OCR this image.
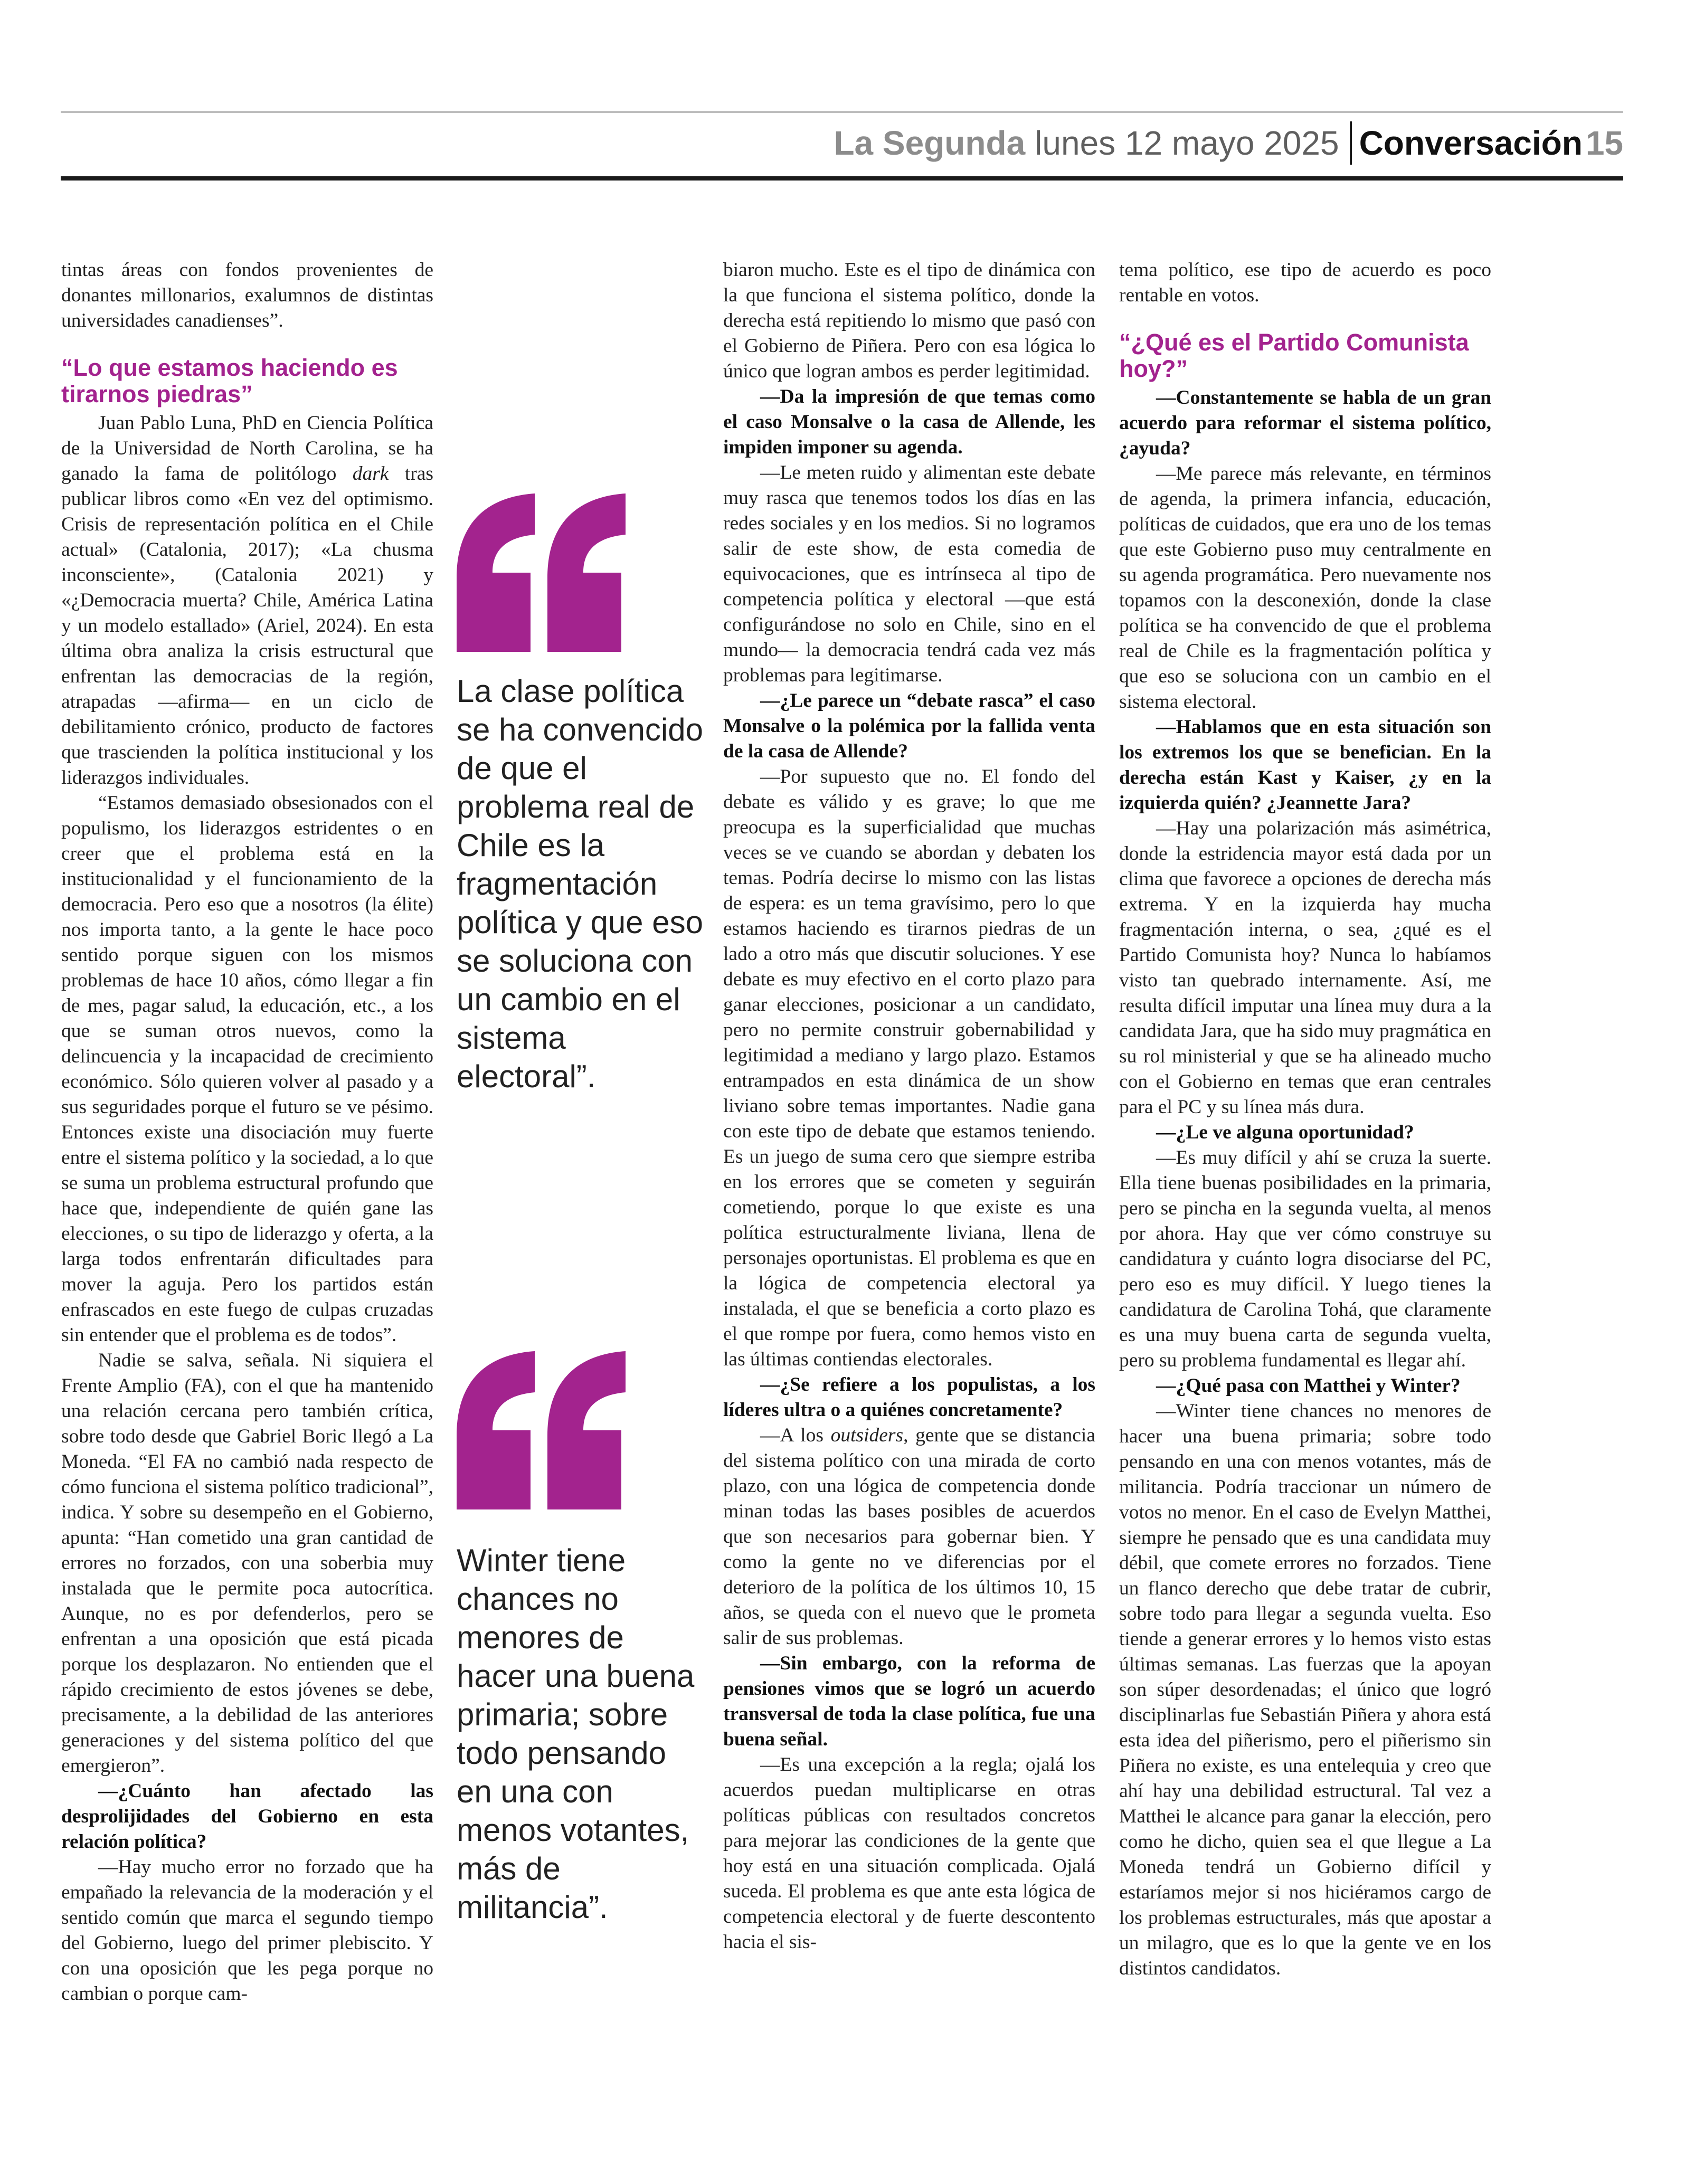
La Segunda lunes 12 mayo 2025 Conversación 15

tintas áreas con fondos provenientes de donantes millonarios, exalumnos de distintas universidades canadienses”.

“Lo que estamos haciendo es tirarnos piedras”

Juan Pablo Luna, PhD en Ciencia Política de la Universidad de North Carolina, se ha ganado la fama de politólogo dark tras publicar libros como «En vez del optimismo. Crisis de representación política en el Chile actual» (Catalonia, 2017); «La chusma inconsciente», (Catalonia 2021) y «¿Democracia muerta? Chile, América Latina y un modelo estallado» (Ariel, 2024). En esta última obra analiza la crisis estructural que enfrentan las democracias de la región, atrapadas —afirma— en un ciclo de debilitamiento crónico, producto de factores que trascienden la política institucional y los liderazgos individuales.

“Estamos demasiado obsesionados con el populismo, los liderazgos estridentes o en creer que el problema está en la institucionalidad y el funcionamiento de la democracia. Pero eso que a nosotros (la élite) nos importa tanto, a la gente le hace poco sentido porque siguen con los mismos problemas de hace 10 años, cómo llegar a fin de mes, pagar salud, la educación, etc., a los que se suman otros nuevos, como la delincuencia y la incapacidad de crecimiento económico. Sólo quieren volver al pasado y a sus seguridades porque el futuro se ve pésimo. Entonces existe una disociación muy fuerte entre el sistema político y la sociedad, a lo que se suma un problema estructural profundo que hace que, independiente de quién gane las elecciones, o su tipo de liderazgo y oferta, a la larga todos enfrentarán dificultades para mover la aguja. Pero los partidos están enfrascados en este fuego de culpas cruzadas sin entender que el problema es de todos”.

Nadie se salva, señala. Ni siquiera el Frente Amplio (FA), con el que ha mantenido una relación cercana pero también crítica, sobre todo desde que Gabriel Boric llegó a La Moneda. “El FA no cambió nada respecto de cómo funciona el sistema político tradicional”, indica. Y sobre su desempeño en el Gobierno, apunta: “Han cometido una gran cantidad de errores no forzados, con una soberbia muy instalada que le permite poca autocrítica. Aunque, no es por defenderlos, pero se enfrentan a una oposición que está picada porque los desplazaron. No entienden que el rápido crecimiento de estos jóvenes se debe, precisamente, a la debilidad de las anteriores generaciones y del sistema político del que emergieron”.

—¿Cuánto han afectado las desprolijidades del Gobierno en esta relación política?

—Hay mucho error no forzado que ha empañado la relevancia de la moderación y el sentido común que marca el segundo tiempo del Gobierno, luego del primer plebiscito. Y con una oposición que les pega porque no cambian o porque cam-

La clase política se ha convencido de que el problema real de Chile es la fragmentación política y que eso se soluciona con un cambio en el sistema electoral”.

Winter tiene chances no menores de hacer una buena primaria; sobre todo pensando en una con menos votantes, más de militancia”.

biaron mucho. Este es el tipo de dinámica con la que funciona el sistema político, donde la derecha está repitiendo lo mismo que pasó con el Gobierno de Piñera. Pero con esa lógica lo único que logran ambos es perder legitimidad.

—Da la impresión de que temas como el caso Monsalve o la casa de Allende, les impiden imponer su agenda.

—Le meten ruido y alimentan este debate muy rasca que tenemos todos los días en las redes sociales y en los medios. Si no logramos salir de este show, de esta comedia de equivocaciones, que es intrínseca al tipo de competencia política y electoral —que está configurándose no solo en Chile, sino en el mundo— la democracia tendrá cada vez más problemas para legitimarse.

—¿Le parece un “debate rasca” el caso Monsalve o la polémica por la fallida venta de la casa de Allende?

—Por supuesto que no. El fondo del debate es válido y es grave; lo que me preocupa es la superficialidad que muchas veces se ve cuando se abordan y debaten los temas. Podría decirse lo mismo con las listas de espera: es un tema gravísimo, pero lo que estamos haciendo es tirarnos piedras de un lado a otro más que discutir soluciones. Y ese debate es muy efectivo en el corto plazo para ganar elecciones, posicionar a un candidato, pero no permite construir gobernabilidad y legitimidad a mediano y largo plazo. Estamos entrampados en esta dinámica de un show liviano sobre temas importantes. Nadie gana con este tipo de debate que estamos teniendo. Es un juego de suma cero que siempre estriba en los errores que se cometen y seguirán cometiendo, porque lo que existe es una política estructuralmente liviana, llena de personajes oportunistas. El problema es que en la lógica de competencia electoral ya instalada, el que se beneficia a corto plazo es el que rompe por fuera, como hemos visto en las últimas contiendas electorales.

—¿Se refiere a los populistas, a los líderes ultra o a quiénes concretamente?

—A los outsiders, gente que se distancia del sistema político con una mirada de corto plazo, con una lógica de competencia donde minan todas las bases posibles de acuerdos que son necesarios para gobernar bien. Y como la gente no ve diferencias por el deterioro de la política de los últimos 10, 15 años, se queda con el nuevo que le prometa salir de sus problemas.

—Sin embargo, con la reforma de pensiones vimos que se logró un acuerdo transversal de toda la clase política, fue una buena señal.

—Es una excepción a la regla; ojalá los acuerdos puedan multiplicarse en otras políticas públicas con resultados concretos para mejorar las condiciones de la gente que hoy está en una situación complicada. Ojalá suceda. El problema es que ante esta lógica de competencia electoral y de fuerte descontento hacia el sis-

tema político, ese tipo de acuerdo es poco rentable en votos.

“¿Qué es el Partido Comunista hoy?”

—Constantemente se habla de un gran acuerdo para reformar el sistema político, ¿ayuda?

—Me parece más relevante, en términos de agenda, la primera infancia, educación, políticas de cuidados, que era uno de los temas que este Gobierno puso muy centralmente en su agenda programática. Pero nuevamente nos topamos con la desconexión, donde la clase política se ha convencido de que el problema real de Chile es la fragmentación política y que eso se soluciona con un cambio en el sistema electoral.

—Hablamos que en esta situación son los extremos los que se benefician. En la derecha están Kast y Kaiser, ¿y en la izquierda quién? ¿Jeannette Jara?

—Hay una polarización más asimétrica, donde la estridencia mayor está dada por un clima que favorece a opciones de derecha más extrema. Y en la izquierda hay mucha fragmentación interna, o sea, ¿qué es el Partido Comunista hoy? Nunca lo habíamos visto tan quebrado internamente. Así, me resulta difícil imputar una línea muy dura a la candidata Jara, que ha sido muy pragmática en su rol ministerial y que se ha alineado mucho con el Gobierno en temas que eran centrales para el PC y su línea más dura.

—¿Le ve alguna oportunidad?

—Es muy difícil y ahí se cruza la suerte. Ella tiene buenas posibilidades en la primaria, pero se pincha en la segunda vuelta, al menos por ahora. Hay que ver cómo construye su candidatura y cuánto logra disociarse del PC, pero eso es muy difícil. Y luego tienes la candidatura de Carolina Tohá, que claramente es una muy buena carta de segunda vuelta, pero su problema fundamental es llegar ahí.

—¿Qué pasa con Matthei y Winter?

—Winter tiene chances no menores de hacer una buena primaria; sobre todo pensando en una con menos votantes, más de militancia. Podría traccionar un número de votos no menor. En el caso de Evelyn Matthei, siempre he pensado que es una candidata muy débil, que comete errores no forzados. Tiene un flanco derecho que debe tratar de cubrir, sobre todo para llegar a segunda vuelta. Eso tiende a generar errores y lo hemos visto estas últimas semanas. Las fuerzas que la apoyan son súper desordenadas; el único que logró disciplinarlas fue Sebastián Piñera y ahora está esta idea del piñerismo, pero el piñerismo sin Piñera no existe, es una entelequia y creo que ahí hay una debilidad estructural. Tal vez a Matthei le alcance para ganar la elección, pero como he dicho, quien sea el que llegue a La Moneda tendrá un Gobierno difícil y estaríamos mejor si nos hiciéramos cargo de los problemas estructurales, más que apostar a un milagro, que es lo que la gente ve en los distintos candidatos.
